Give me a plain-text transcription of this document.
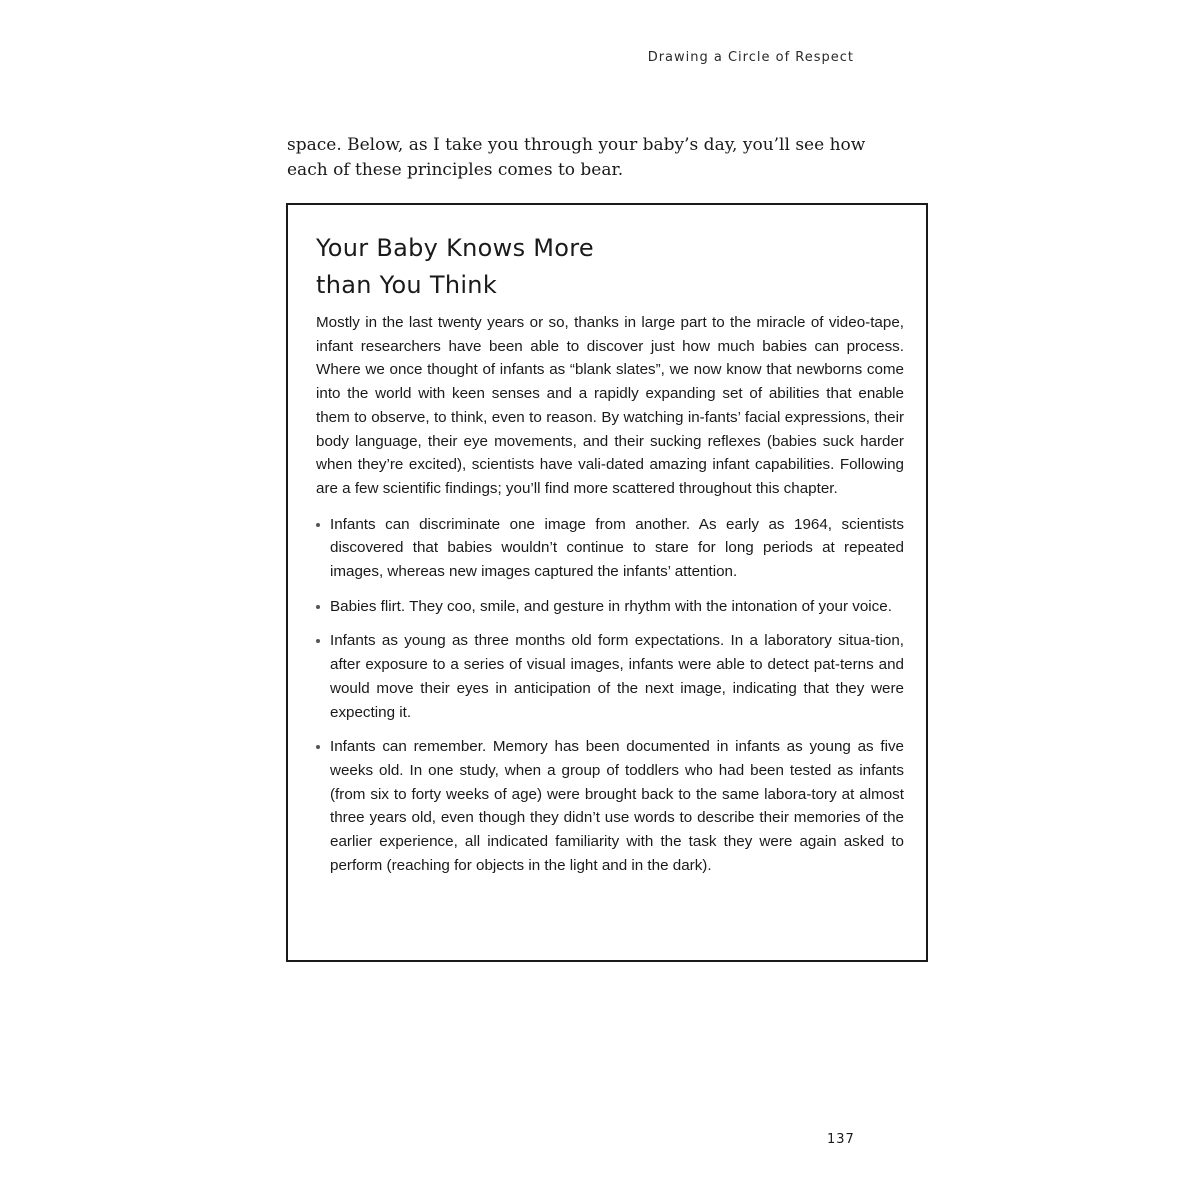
Drawing a Circle of Respect

space. Below, as I take you through your baby’s day, you’ll see how each of these principles comes to bear.

Your Baby Knows More
than You Think

Mostly in the last twenty years or so, thanks in large part to the miracle of video-tape, infant researchers have been able to discover just how much babies can process. Where we once thought of infants as “blank slates”, we now know that newborns come into the world with keen senses and a rapidly expanding set of abilities that enable them to observe, to think, even to reason. By watching in-fants’ facial expressions, their body language, their eye movements, and their sucking reflexes (babies suck harder when they’re excited), scientists have vali-dated amazing infant capabilities. Following are a few scientific findings; you’ll find more scattered throughout this chapter.

Infants can discriminate one image from another. As early as 1964, scientists discovered that babies wouldn’t continue to stare for long periods at repeated images, whereas new images captured the infants’ attention.
Babies flirt. They coo, smile, and gesture in rhythm with the intonation of your voice.
Infants as young as three months old form expectations. In a laboratory situa-tion, after exposure to a series of visual images, infants were able to detect pat-terns and would move their eyes in anticipation of the next image, indicating that they were expecting it.
Infants can remember. Memory has been documented in infants as young as five weeks old. In one study, when a group of toddlers who had been tested as infants (from six to forty weeks of age) were brought back to the same labora-tory at almost three years old, even though they didn’t use words to describe their memories of the earlier experience, all indicated familiarity with the task they were again asked to perform (reaching for objects in the light and in the dark).
137
